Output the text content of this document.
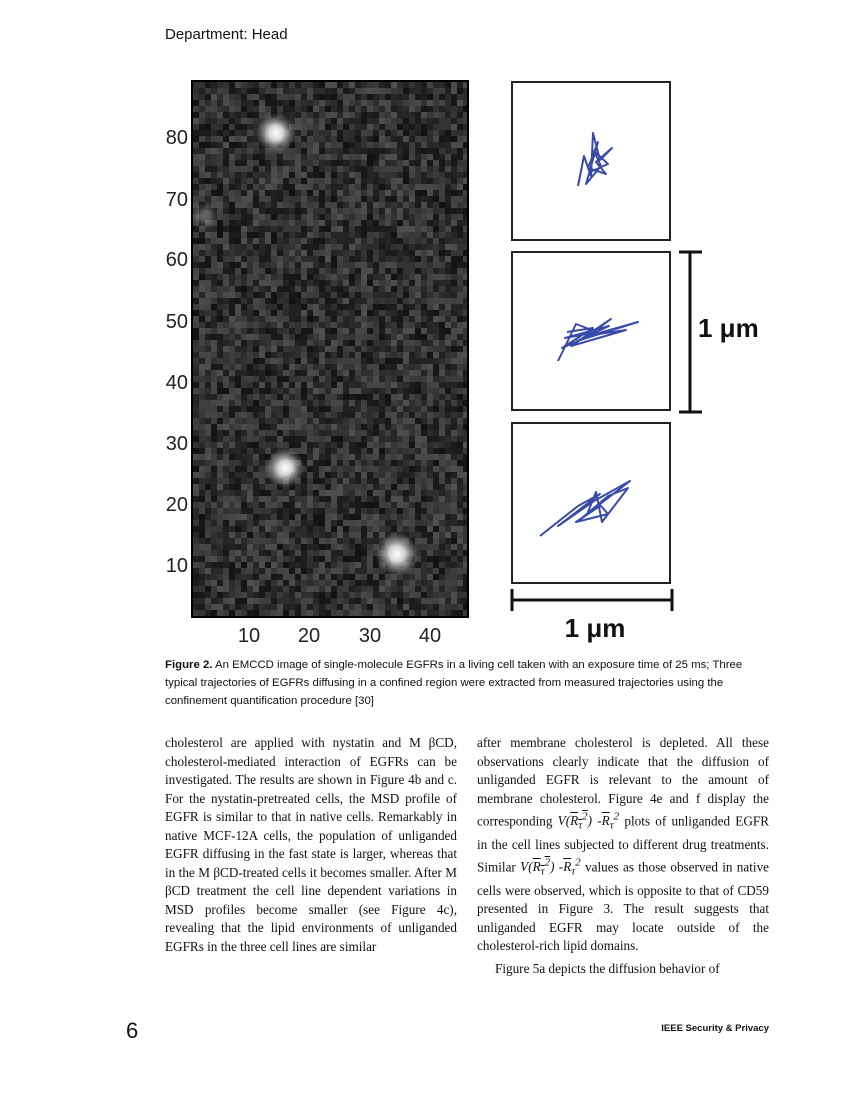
Department: Head
80
70
60
50
40
30
20
10
10 20 30 40
1 μm
1 μm
Figure 2. An EMCCD image of single-molecule EGFRs in a living cell taken with an exposure time of 25 ms; Three typical trajectories of EGFRs diffusing in a confined region were extracted from measured trajectories using the confinement quantification procedure [30]

cholesterol are applied with nystatin and M βCD, cholesterol-mediated interaction of EGFRs can be investigated. The results are shown in Figure 4b and c. For the nystatin-pretreated cells, the MSD profile of EGFR is similar to that in native cells. Remarkably in native MCF-12A cells, the population of unliganded EGFR diffusing in the fast state is larger, whereas that in the M βCD-treated cells it becomes smaller. After M βCD treatment the cell line dependent variations in MSD profiles become smaller (see Figure 4c), revealing that the lipid environments of unliganded EGFRs in the three cell lines are similar

after membrane cholesterol is depleted. All these observations clearly indicate that the diffusion of unliganded EGFR is relevant to the amount of membrane cholesterol. Figure 4e and f display the corresponding $V(R_\tau^2)$ $-\overline{R}_\tau^2$ plots of unliganded EGFR in the cell lines subjected to different drug treatments. Similar $V(R_\tau^2)$ $-\overline{R}_\tau^2$ values as those observed in native cells were observed, which is opposite to that of CD59 presented in Figure 3. The result suggests that unliganded EGFR may locate outside of the cholesterol-rich lipid domains.

Figure 5a depicts the diffusion behavior of

6	IEEE Security & Privacy
